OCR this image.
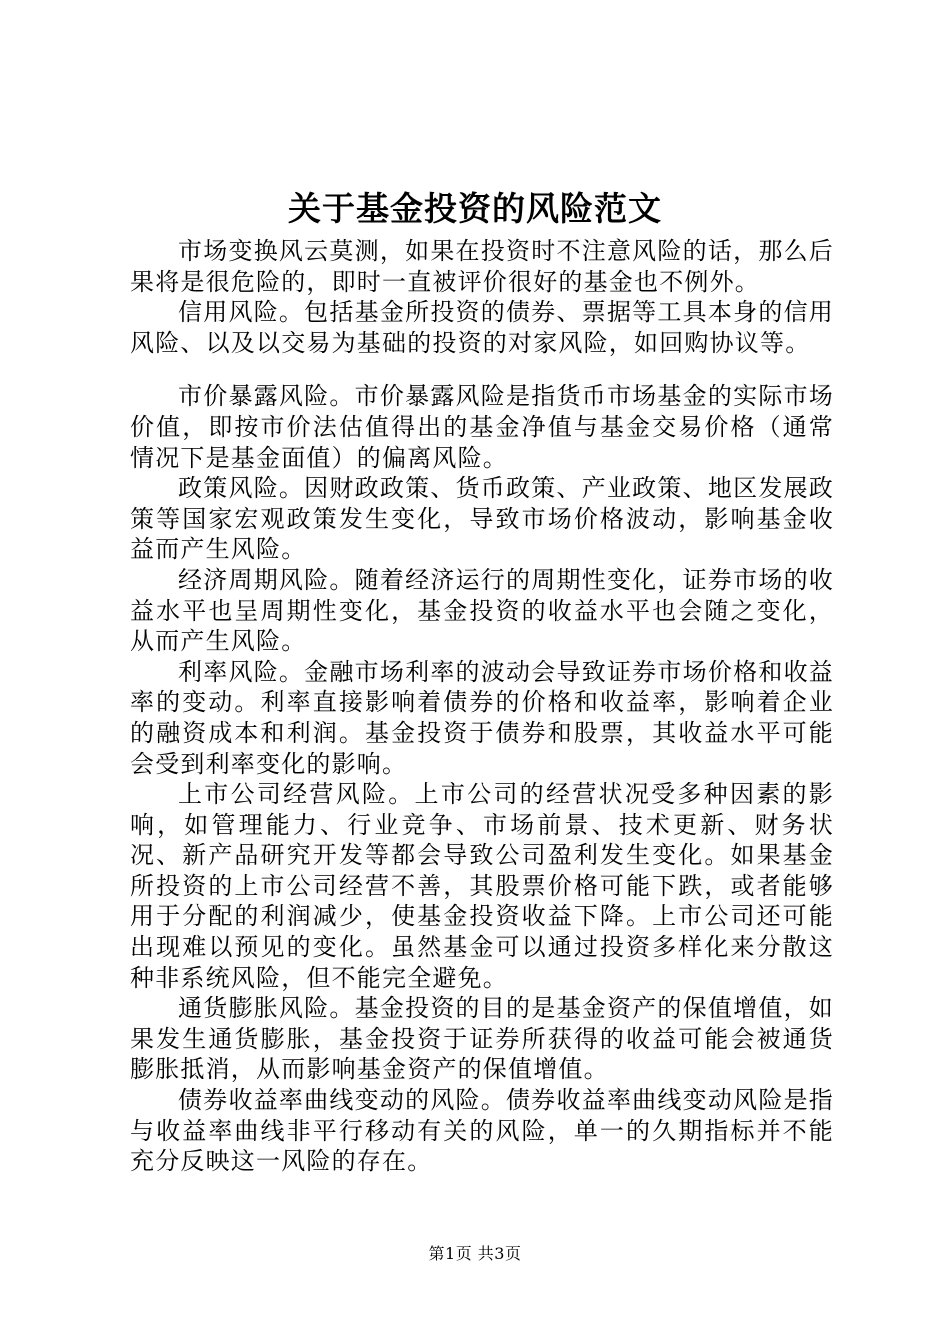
关于基金投资的风险范文

市场变换风云莫测，如果在投资时不注意风险的话，那么后果将是很危险的，即时一直被评价很好的基金也不例外。

信用风险。包括基金所投资的债券、票据等工具本身的信用风险、以及以交易为基础的投资的对家风险，如回购协议等。

市价暴露风险。市价暴露风险是指货币市场基金的实际市场价值，即按市价法估值得出的基金净值与基金交易价格（通常情况下是基金面值）的偏离风险。

政策风险。因财政政策、货币政策、产业政策、地区发展政策等国家宏观政策发生变化，导致市场价格波动，影响基金收益而产生风险。

经济周期风险。随着经济运行的周期性变化，证券市场的收益水平也呈周期性变化，基金投资的收益水平也会随之变化，从而产生风险。

利率风险。金融市场利率的波动会导致证券市场价格和收益率的变动。利率直接影响着债券的价格和收益率，影响着企业的融资成本和利润。基金投资于债券和股票，其收益水平可能会受到利率变化的影响。

上市公司经营风险。上市公司的经营状况受多种因素的影响，如管理能力、行业竞争、市场前景、技术更新、财务状况、新产品研究开发等都会导致公司盈利发生变化。如果基金所投资的上市公司经营不善，其股票价格可能下跌，或者能够用于分配的利润减少，使基金投资收益下降。上市公司还可能出现难以预见的变化。虽然基金可以通过投资多样化来分散这种非系统风险，但不能完全避免。

通货膨胀风险。基金投资的目的是基金资产的保值增值，如果发生通货膨胀，基金投资于证券所获得的收益可能会被通货膨胀抵消，从而影响基金资产的保值增值。

债券收益率曲线变动的风险。债券收益率曲线变动风险是指与收益率曲线非平行移动有关的风险，单一的久期指标并不能充分反映这一风险的存在。

第1页 共3页
